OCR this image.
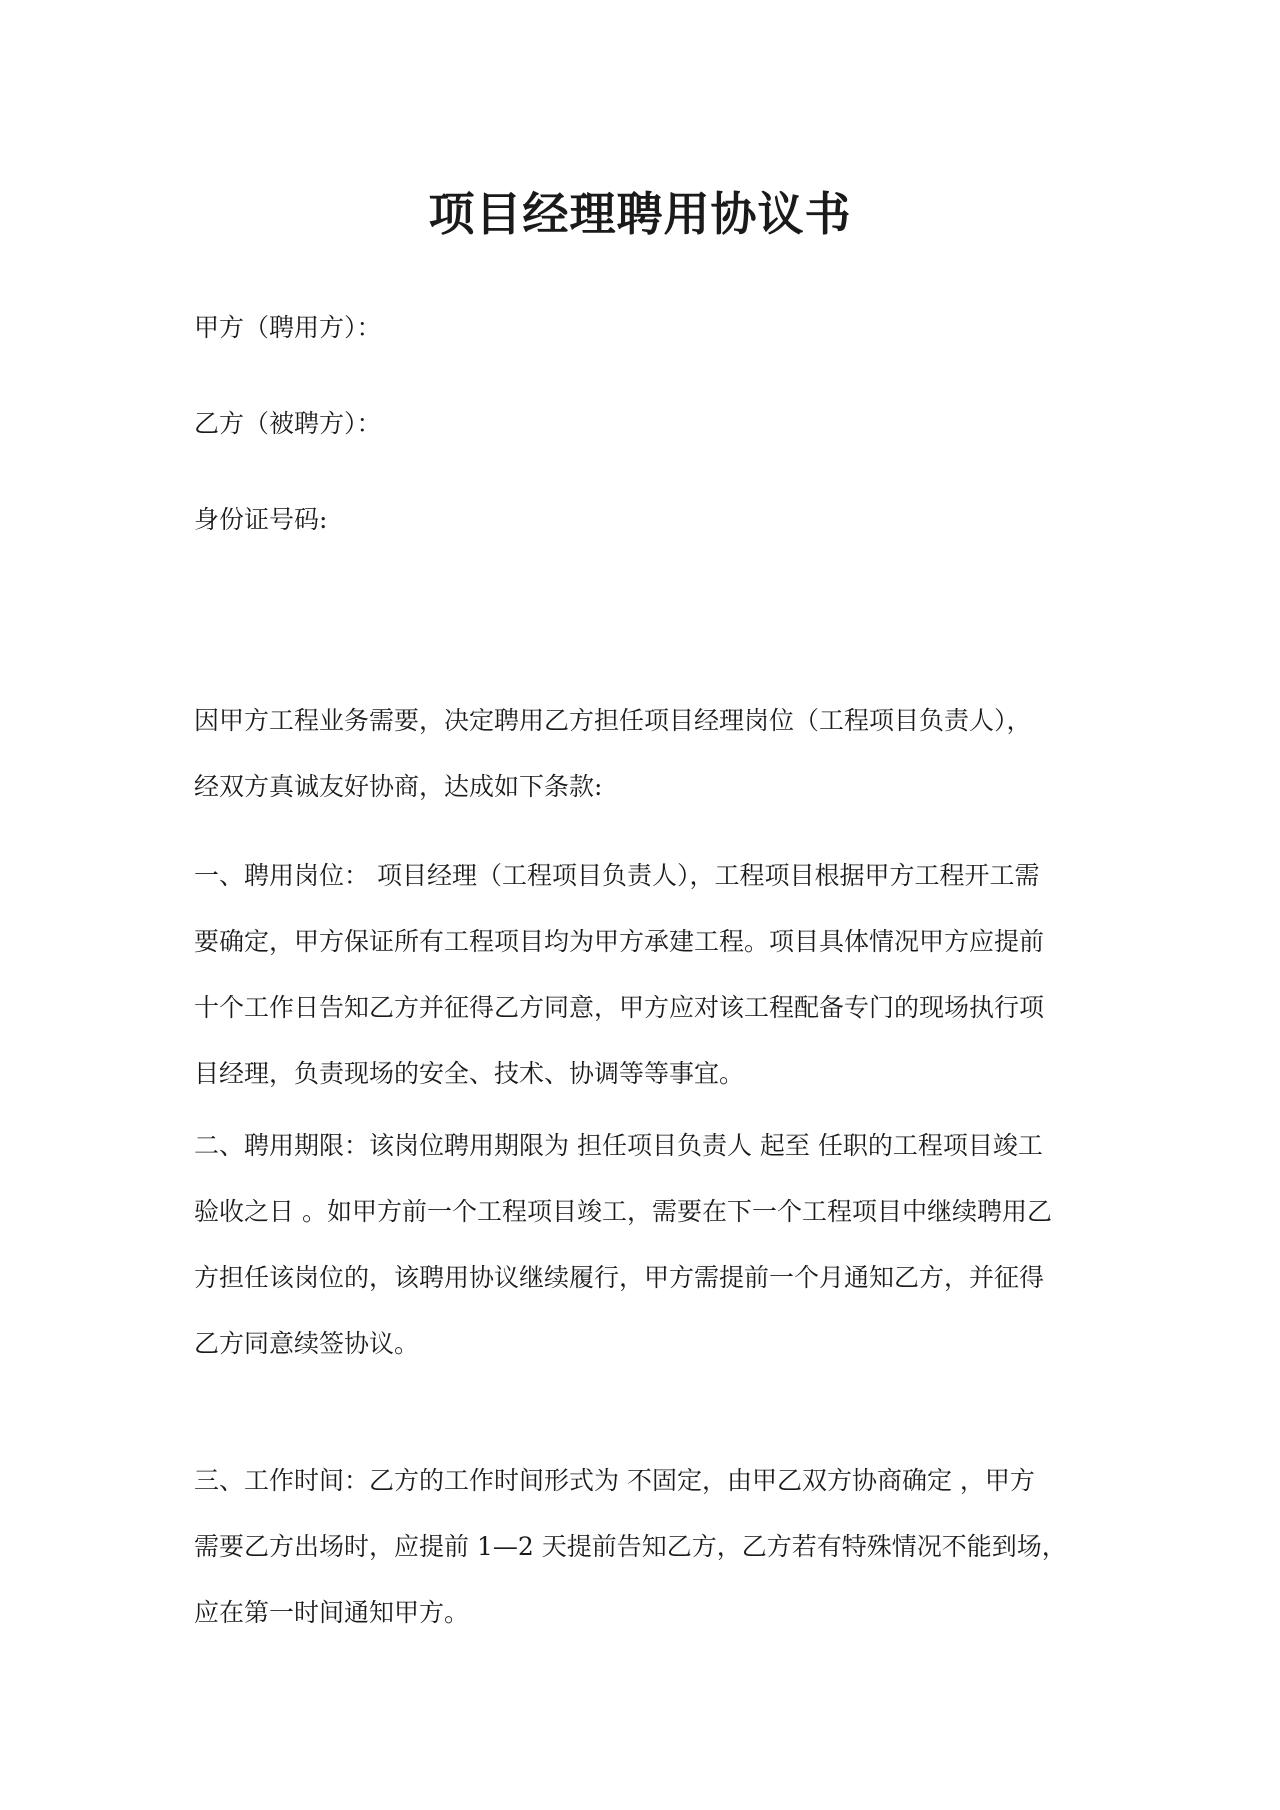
项目经理聘用协议书

甲方（聘用方）：

乙方（被聘方）：

身份证号码:

因甲方工程业务需要，决定聘用乙方担任项目经理岗位（工程项目负责人），
经双方真诚友好协商，达成如下条款:
一、聘用岗位： 项目经理（工程项目负责人），工程项目根据甲方工程开工需
要确定，甲方保证所有工程项目均为甲方承建工程。项目具体情况甲方应提前
十个工作日告知乙方并征得乙方同意，甲方应对该工程配备专门的现场执行项
目经理，负责现场的安全、技术、协调等等事宜。
二、聘用期限：该岗位聘用期限为 担任项目负责人 起至 任职的工程项目竣工
验收之日 。如甲方前一个工程项目竣工，需要在下一个工程项目中继续聘用乙
方担任该岗位的，该聘用协议继续履行，甲方需提前一个月通知乙方，并征得
乙方同意续签协议。
三、工作时间：乙方的工作时间形式为 不固定，由甲乙双方协商确定 ，甲方
需要乙方出场时，应提前 1—2 天提前告知乙方，乙方若有特殊情况不能到场，
应在第一时间通知甲方。
